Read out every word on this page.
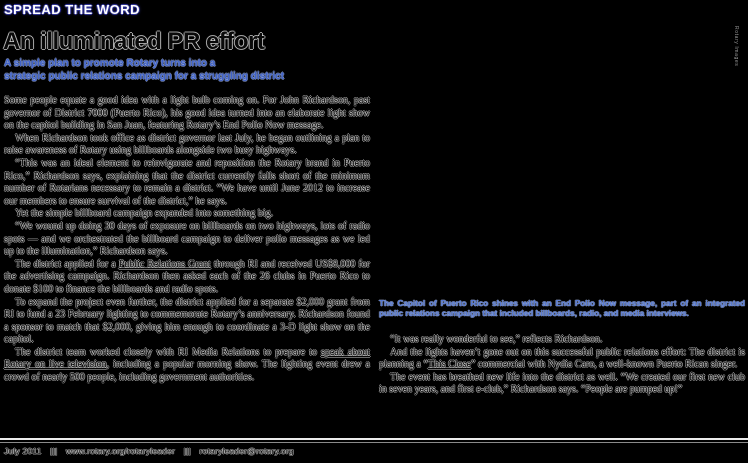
Rotary Images
SPREAD THE WORD
An illuminated PR effort
A simple plan to promote Rotary turns into a
strategic public relations campaign for a struggling district

Some people equate a good idea with a light bulb coming on. For John Richardson, past governor of District 7000 (Puerto Rico), his good idea turned into an elaborate light show on the capitol building in San Juan, featuring Rotary’s End Polio Now message.

When Richardson took office as district governor last July, he began outlining a plan to raise awareness of Rotary using billboards alongside two busy highways.

“This was an ideal element to reinvigorate and reposition the Rotary brand in Puerto Rico,” Richardson says, explaining that the district currently falls short of the minimum number of Rotarians necessary to remain a district. “We have until June 2012 to increase our members to ensure survival of the district,” he says.

Yet the simple billboard campaign expanded into something big.

“We wound up doing 30 days of exposure on billboards on two highways, lots of radio spots — and we orchestrated the billboard campaign to deliver polio messages as we led up to the illumination,” Richardson says.

The district applied for a Public Relations Grant through RI and received US$8,000 for the advertising campaign. Richardson then asked each of the 26 clubs in Puerto Rico to donate $100 to finance the billboards and radio spots.

To expand the project even further, the district applied for a separate $2,000 grant from RI to fund a 23 February lighting to commemorate Rotary’s anniversary. Richardson found a sponsor to match that $2,000, giving him enough to coordinate a 3-D light show on the capitol.

The district team worked closely with RI Media Relations to prepare to speak about Rotary on live television, including a popular morning show. The lighting event drew a crowd of nearly 500 people, including government authorities.

The Capitol of Puerto Rico shines with an End Polio Now message, part of an integrated public relations campaign that included billboards, radio, and media interviews.

“It was really wonderful to see,” reflects Richardson.

And the lights haven’t gone out on this successful public relations effort: The district is planning a “This Close” commercial with Nydia Caro, a well-known Puerto Rican singer.

The event has breathed new life into the district as well. “We created our first new club in seven years, and first e-club,” Richardson says. “People are pumped up!”

July 2011 ||| www.rotary.org/rotaryleader ||| rotaryleader@rotary.org
